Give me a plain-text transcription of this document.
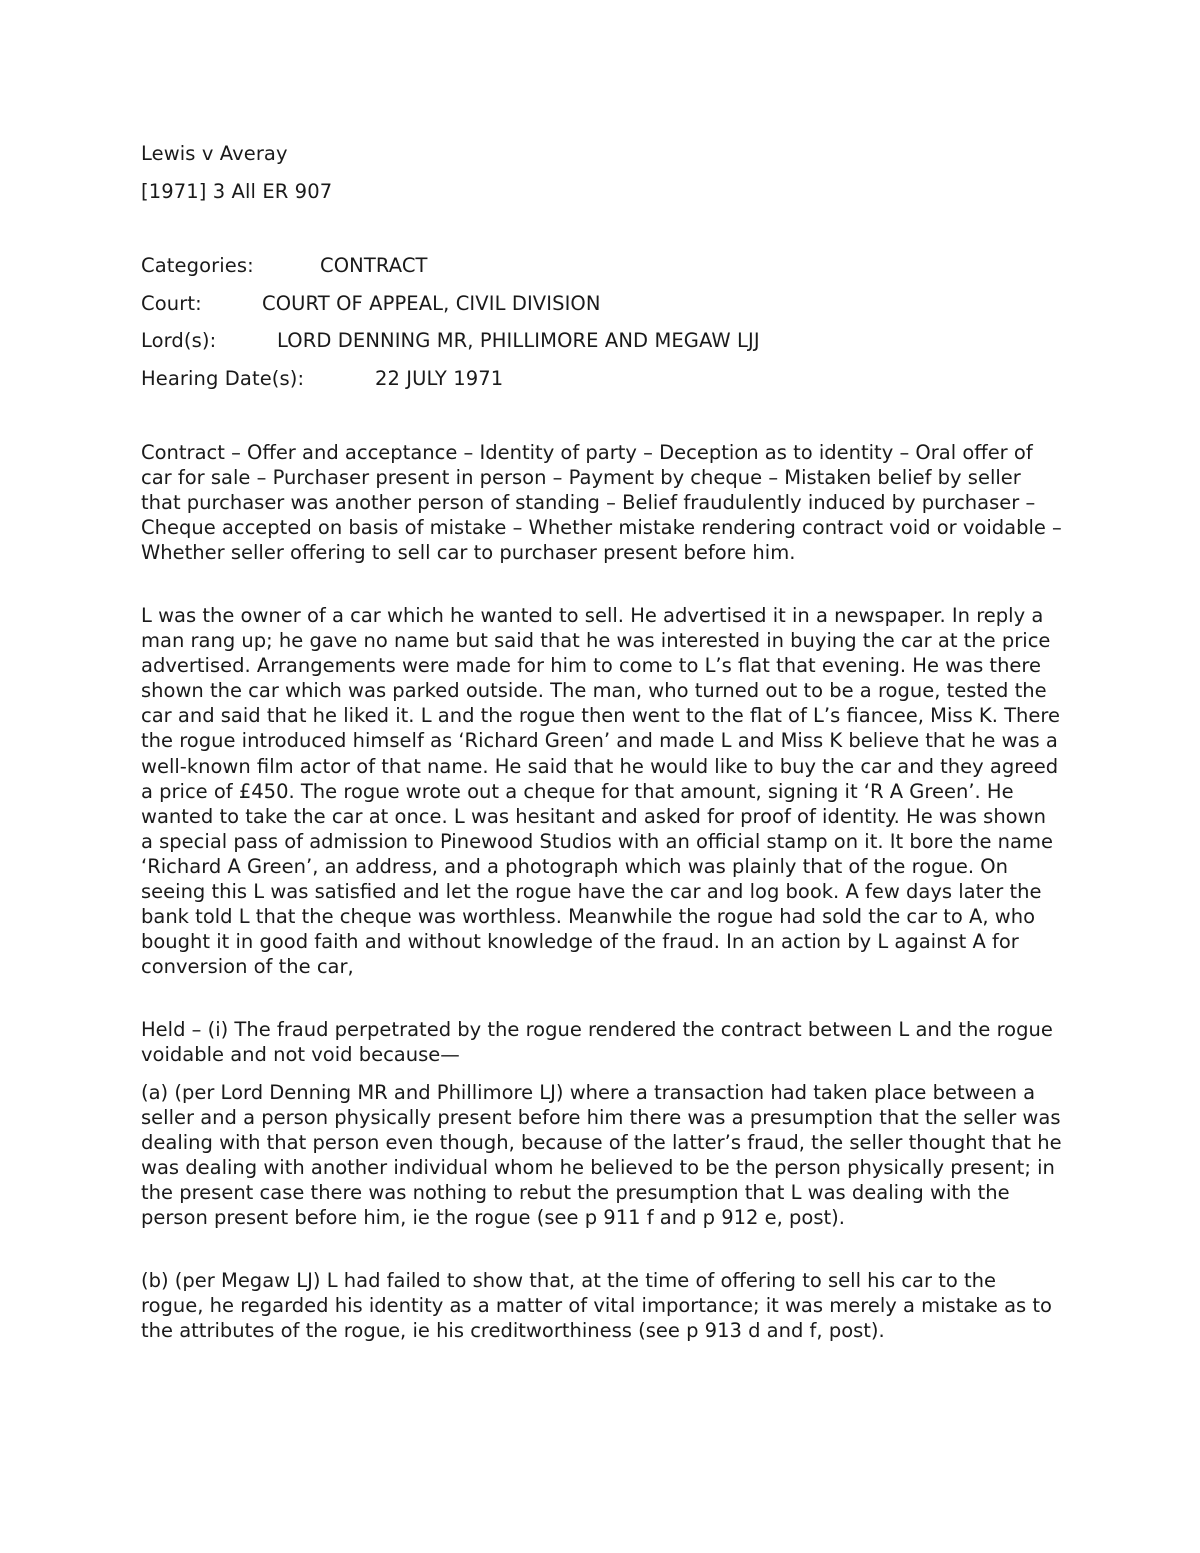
Lewis v Averay
[1971] 3 All ER 907
Categories:	CONTRACT
Court:	COURT OF APPEAL, CIVIL DIVISION
Lord(s):	LORD DENNING MR, PHILLIMORE AND MEGAW LJJ
Hearing Date(s):	22 JULY 1971

Contract – Offer and acceptance – Identity of party – Deception as to identity – Oral offer of car for sale – Purchaser present in person – Payment by cheque – Mistaken belief by seller that purchaser was another person of standing – Belief fraudulently induced by purchaser – Cheque accepted on basis of mistake – Whether mistake rendering contract void or voidable – Whether seller offering to sell car to purchaser present before him.

L was the owner of a car which he wanted to sell. He advertised it in a newspaper. In reply a man rang up; he gave no name but said that he was interested in buying the car at the price advertised. Arrangements were made for him to come to L’s flat that evening. He was there shown the car which was parked outside. The man, who turned out to be a rogue, tested the car and said that he liked it. L and the rogue then went to the flat of L’s fiancee, Miss K. There the rogue introduced himself as ‘Richard Green’ and made L and Miss K believe that he was a well-known film actor of that name. He said that he would like to buy the car and they agreed a price of £450. The rogue wrote out a cheque for that amount, signing it ‘R A Green’. He wanted to take the car at once. L was hesitant and asked for proof of identity. He was shown a special pass of admission to Pinewood Studios with an official stamp on it. It bore the name ‘Richard A Green’, an address, and a photograph which was plainly that of the rogue. On seeing this L was satisfied and let the rogue have the car and log book. A few days later the bank told L that the cheque was worthless. Meanwhile the rogue had sold the car to A, who bought it in good faith and without knowledge of the fraud. In an action by L against A for conversion of the car,

Held – (i) The fraud perpetrated by the rogue rendered the contract between L and the rogue voidable and not void because—

(a) (per Lord Denning MR and Phillimore LJ) where a transaction had taken place between a seller and a person physically present before him there was a presumption that the seller was dealing with that person even though, because of the latter’s fraud, the seller thought that he was dealing with another individual whom he believed to be the person physically present; in the present case there was nothing to rebut the presumption that L was dealing with the person present before him, ie the rogue (see p 911 f and p 912 e, post).

(b) (per Megaw LJ) L had failed to show that, at the time of offering to sell his car to the rogue, he regarded his identity as a matter of vital importance; it was merely a mistake as to the attributes of the rogue, ie his creditworthiness (see p 913 d and f, post).
